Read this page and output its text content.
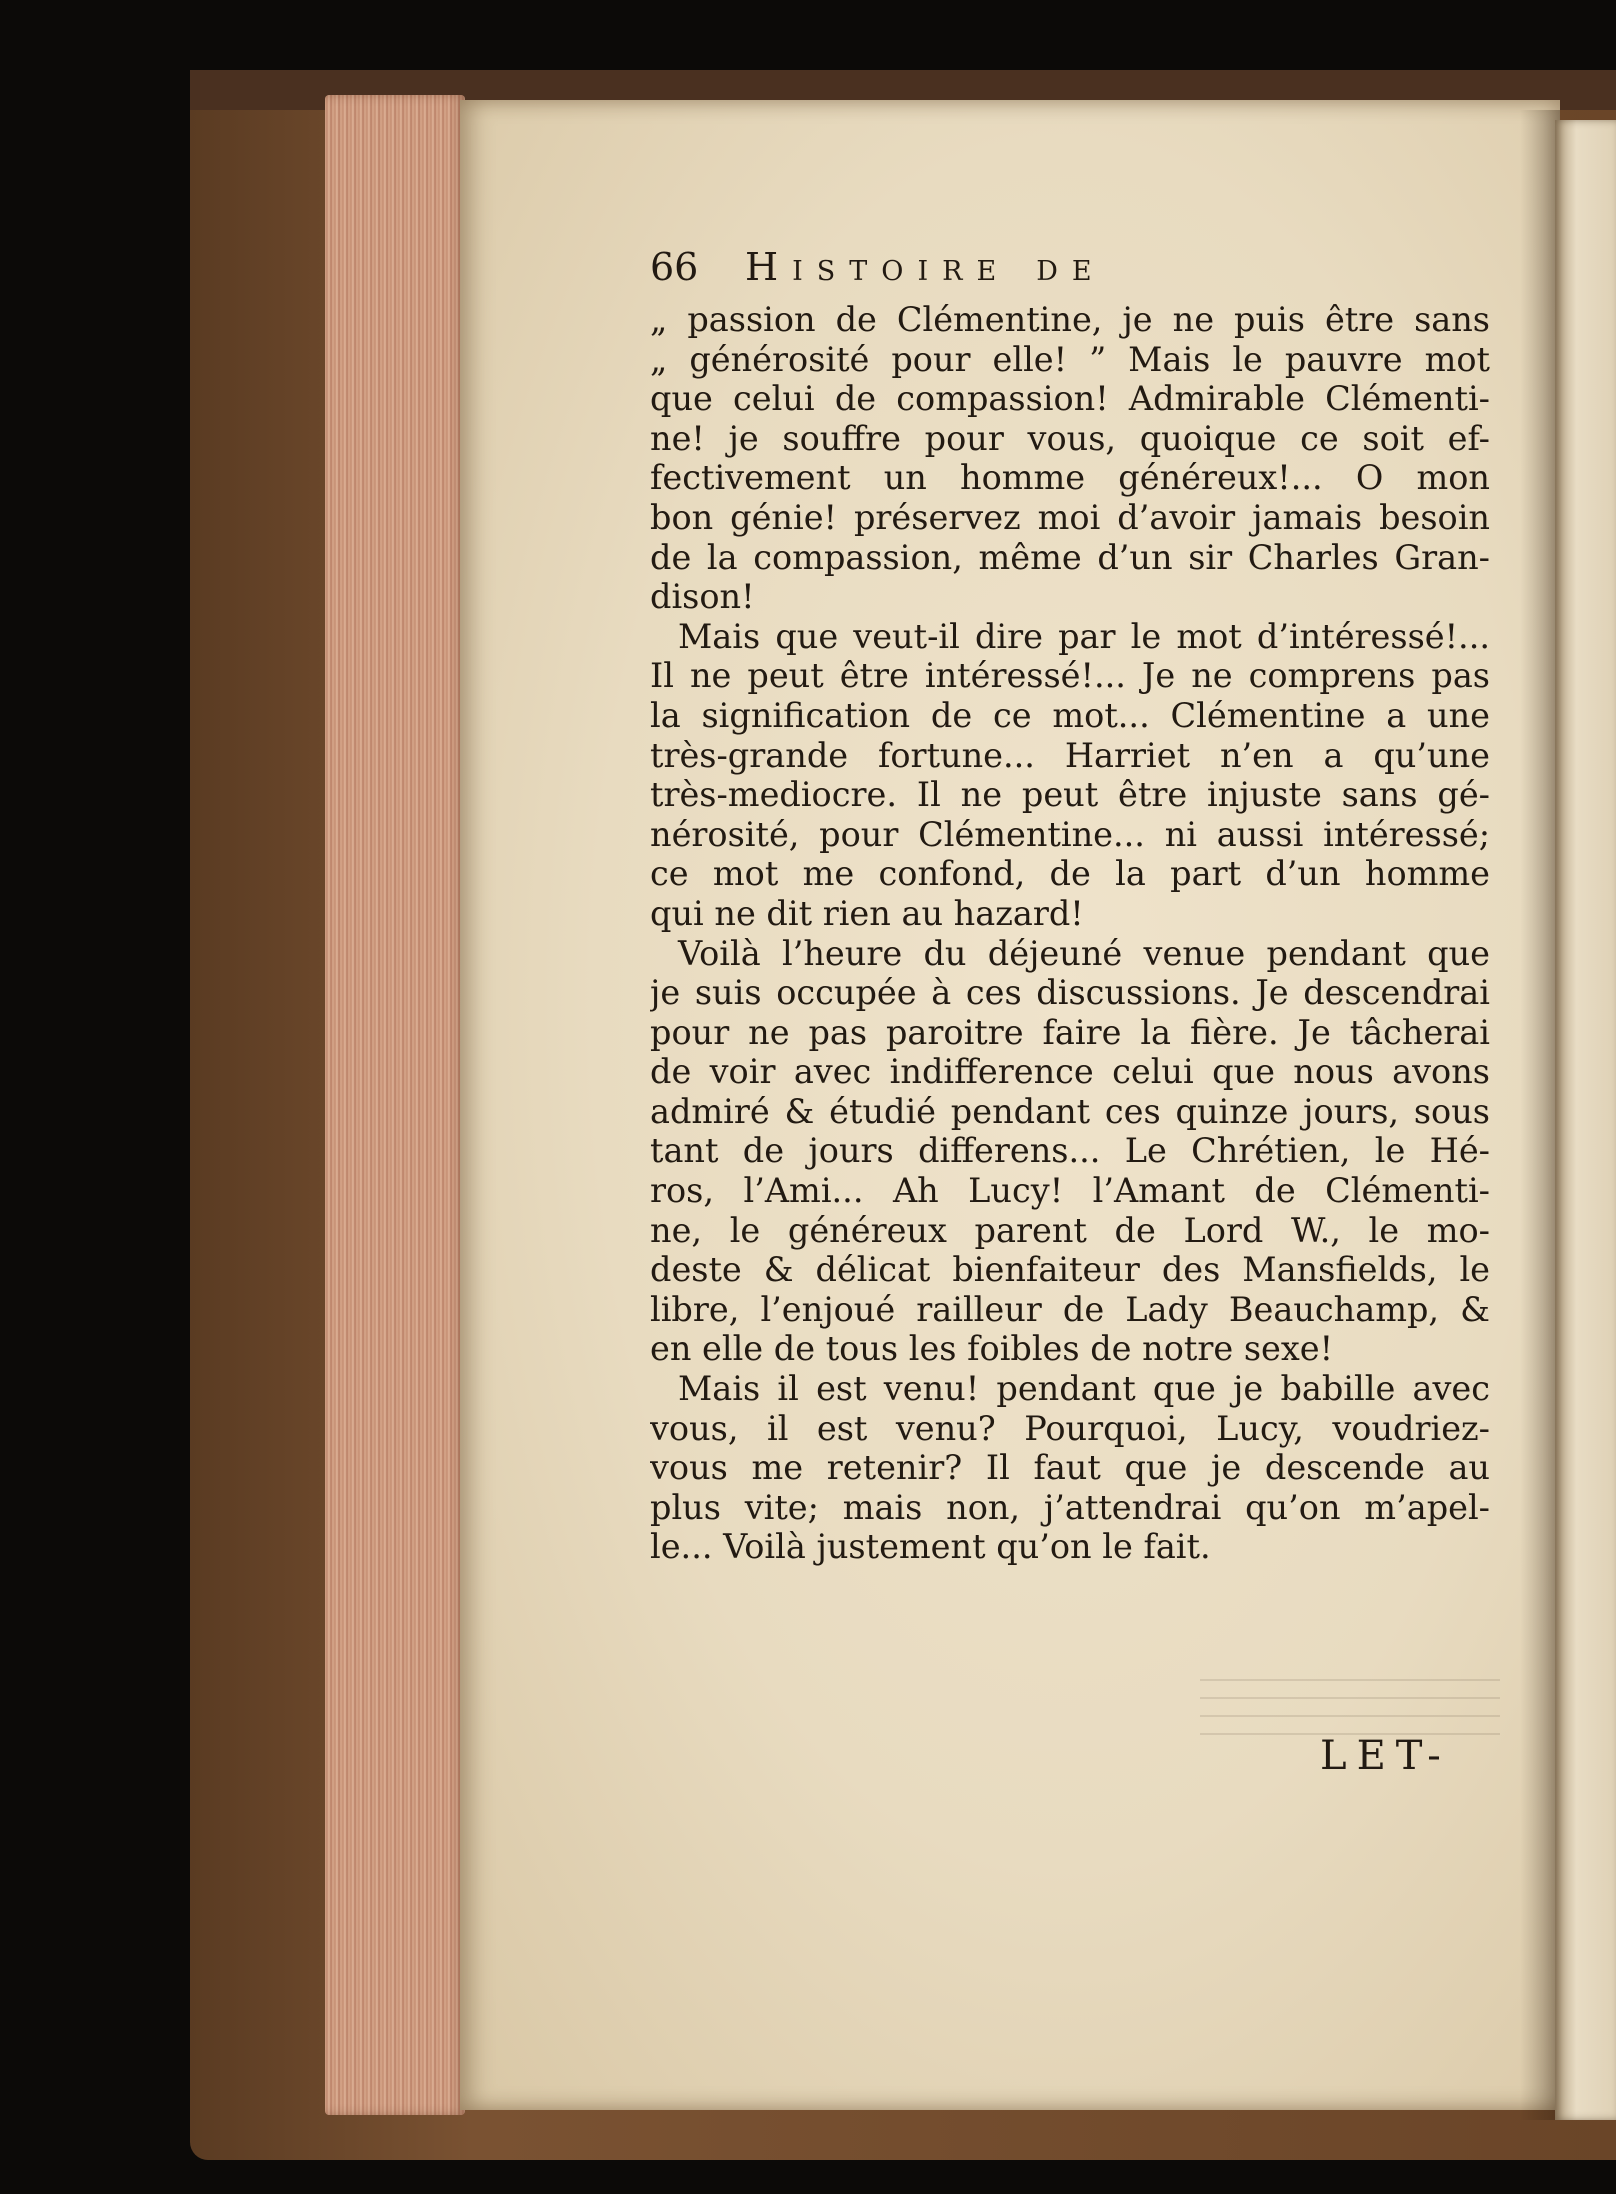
66 Histoire de
„ passion de Clémentine, je ne puis être sans
„ générosité pour elle! ” Mais le pauvre mot
que celui de compassion! Admirable Clémenti-
ne! je souffre pour vous, quoique ce soit ef-
fectivement un homme généreux!... O mon
bon génie! préservez moi d’avoir jamais besoin
de la compassion, même d’un sir Charles Gran-
dison!
Mais que veut-il dire par le mot d’intéressé!...
Il ne peut être intéressé!... Je ne comprens pas
la signification de ce mot... Clémentine a une
très-grande fortune... Harriet n’en a qu’une
très-mediocre. Il ne peut être injuste sans gé-
nérosité, pour Clémentine... ni aussi intéressé;
ce mot me confond, de la part d’un homme
qui ne dit rien au hazard!
Voilà l’heure du déjeuné venue pendant que
je suis occupée à ces discussions. Je descendrai
pour ne pas paroitre faire la fière. Je tâcherai
de voir avec indifference celui que nous avons
admiré & étudié pendant ces quinze jours, sous
tant de jours differens... Le Chrétien, le Hé-
ros, l’Ami... Ah Lucy! l’Amant de Clémenti-
ne, le généreux parent de Lord W., le mo-
deste & délicat bienfaiteur des Mansfields, le
libre, l’enjoué railleur de Lady Beauchamp, &
en elle de tous les foibles de notre sexe!
Mais il est venu! pendant que je babille avec
vous, il est venu? Pourquoi, Lucy, voudriez-
vous me retenir? Il faut que je descende au
plus vite; mais non, j’attendrai qu’on m’apel-
le... Voilà justement qu’on le fait.
LET-
